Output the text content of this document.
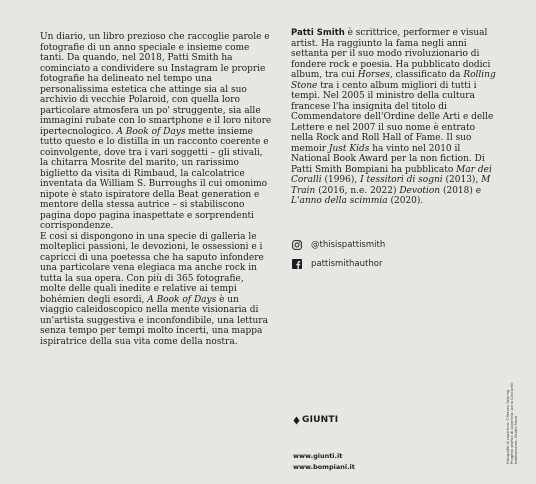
Un diario, un libro prezioso che raccoglie parole e fotografie di un anno speciale e insieme come tanti. Da quando, nel 2018, Patti Smith ha cominciato a condividere su Instagram le proprie fotografie ha delineato nel tempo una personalissima estetica che attinge sia al suo archivio di vecchie Polaroid, con quella loro particolare atmosfera un po' struggente, sia alle immagini rubate con lo smartphone e il loro nitore ipertecnologico. A Book of Days mette insieme tutto questo e lo distilla in un racconto coerente e coinvolgente, dove tra i vari soggetti – gli stivali, la chitarra Mosrite del marito, un rarissimo biglietto da visita di Rimbaud, la calcolatrice inventata da William S. Burroughs il cui omonimo nipote è stato ispiratore della Beat generation e mentore della stessa autrice – si stabiliscono pagina dopo pagina inaspettate e sorprendenti corrispondenze.

E così si dispongono in una specie di galleria le molteplici passioni, le devozioni, le ossessioni e i capricci di una poetessa che ha saputo infondere una particolare vena elegiaca ma anche rock in tutta la sua opera. Con più di 365 fotografie, molte delle quali inedite e relative ai tempi bohémien degli esordi, A Book of Days è un viaggio caleidoscopico nella mente visionaria di un'artista suggestiva e inconfondibile, una lettura senza tempo per tempi molto incerti, una mappa ispiratrice della sua vita come della nostra.

Patti Smith è scrittrice, performer e visual artist. Ha raggiunto la fama negli anni settanta per il suo modo rivoluzionario di fondere rock e poesia. Ha pubblicato dodici album, tra cui Horses, classificato da Rolling Stone tra i cento album migliori di tutti i tempi. Nel 2005 il ministro della cultura francese l'ha insignita del titolo di Commendatore dell'Ordine delle Arti e delle Lettere e nel 2007 il suo nome è entrato nella Rock and Roll Hall of Fame. Il suo memoir Just Kids ha vinto nel 2010 il National Book Award per la non fiction. Di Patti Smith Bompiani ha pubblicato Mar dei Coralli (1996), I tessitori di sogni (2013), M Train (2016, n.e. 2022) Devotion (2018) e L'anno della scimmia (2020).

@thisispattismith
pattismithauthor
GIUNTI
www.giunti.it
www.bompiani.it
Fotografie di copertina: ©Steven Sebring Progetto grafico di copertina: Anna Ceccarelli Adattamento: Studio Sosia
